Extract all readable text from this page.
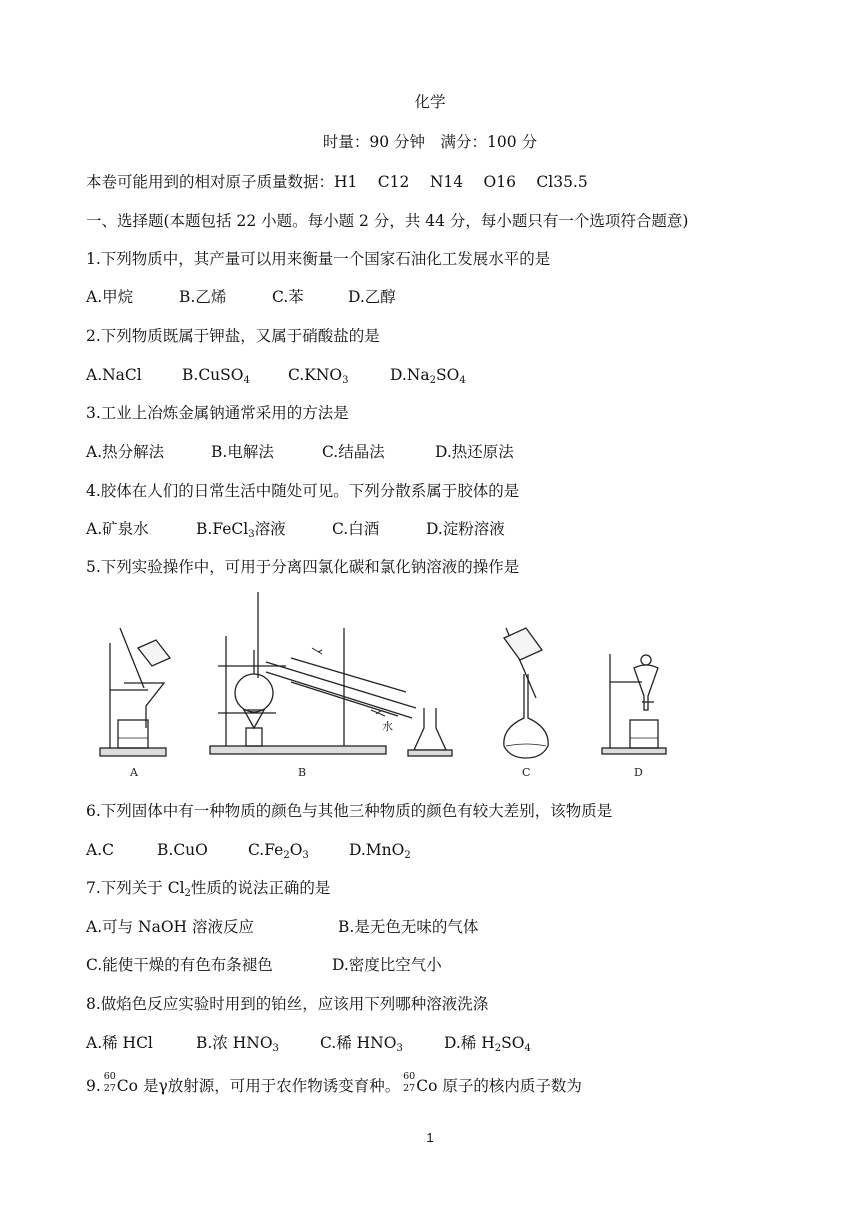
化学
时量：90 分钟　满分：100 分
本卷可能用到的相对原子质量数据：H1　 C12　 N14　 O16　 Cl35.5
一、选择题(本题包括 22 小题。每小题 2 分，共 44 分，每小题只有一个选项符合题意)
1.下列物质中，其产量可以用来衡量一个国家石油化工发展水平的是
A.甲烷	B.乙烯	C.苯	D.乙醇
2.下列物质既属于钾盐，又属于硝酸盐的是
A.NaCl	B.CuSO$_4$ $C.KNO_3$	$D.Na_2SO_4$
3.工业上冶炼金属钠通常采用的方法是
A.热分解法	B.电解法	C.结晶法	D.热还原法
4.胶体在人们的日常生活中随处可见。下列分散系属于胶体的是
A.矿泉水	B.FeCl$_3$溶液	C.白酒	D.淀粉溶液
5.下列实验操作中，可用于分离四氯化碳和氯化钠溶液的操作是
A
水
B	C	D
6.下列固体中有一种物质的颜色与其他三种物质的颜色有较大差别，该物质是
A.C	B.CuO	$C.Fe_2O_3$	D.MnO$_2$
7.下列关于 $Cl_2$性质的说法正确的是
A.可与 NaOH 溶液反应	B.是无色无味的气体
C.能使干燥的有色布条褪色	D.密度比空气小
8.做焰色反应实验时用到的铂丝，应该用下列哪种溶液洗涤
A.稀 HCl	B.浓 $HNO_3$	C.稀 $HNO_3$	D.稀 $H_2SO_4$
9.
60
27 Co 是γ放射源，可用于农作物诱变育种。
60
27 Co 原子的核内质子数为
1
